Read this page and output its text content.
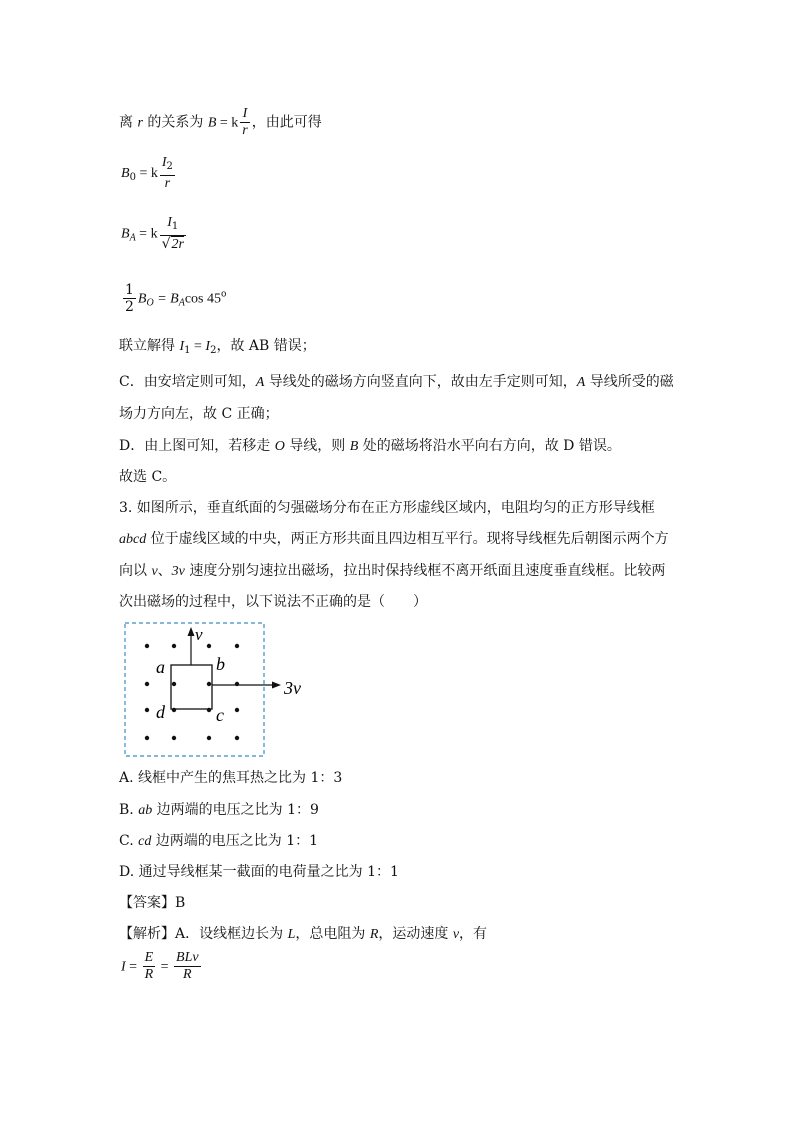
离 r 的关系为 B = k $\frac{I}{r}$ ，由此可得
$B_0 = k \frac{I_2}{r}$
$B_A = k \frac{I_1}{√2r}$
$\frac{1}{2} B_O = B_A\cos$ 45$^o$
联立解得 $I_1 = I_2$，故 AB 错误；
C．由安培定则可知，A 导线处的磁场方向竖直向下，故由左手定则可知，A 导线所受的磁
场力方向左，故 C 正确；
D．由上图可知，若移走 O 导线，则 B 处的磁场将沿水平向右方向，故 D 错误。
故选 C。
3. 如图所示，垂直纸面的匀强磁场分布在正方形虚线区域内，电阻均匀的正方形导线框
abcd 位于虚线区域的中央，两正方形共面且四边相互平行。现将导线框先后朝图示两个方
向以 v、3v 速度分别匀速拉出磁场，拉出时保持线框不离开纸面且速度垂直线框。比较两
次出磁场的过程中，以下说法不正确的是（　　）
v
3v
a	b
c
d
A. 线框中产生的焦耳热之比为 1：3
B. ab 边两端的电压之比为 1：9
C. cd 边两端的电压之比为 1：1
D. 通过导线框某一截面的电荷量之比为 1：1
【答案】B
【解析】A．设线框边长为 L，总电阻为 R，运动速度 v，有
$I = \frac{E}{R} = \frac{\text{BLv}}{R}$
